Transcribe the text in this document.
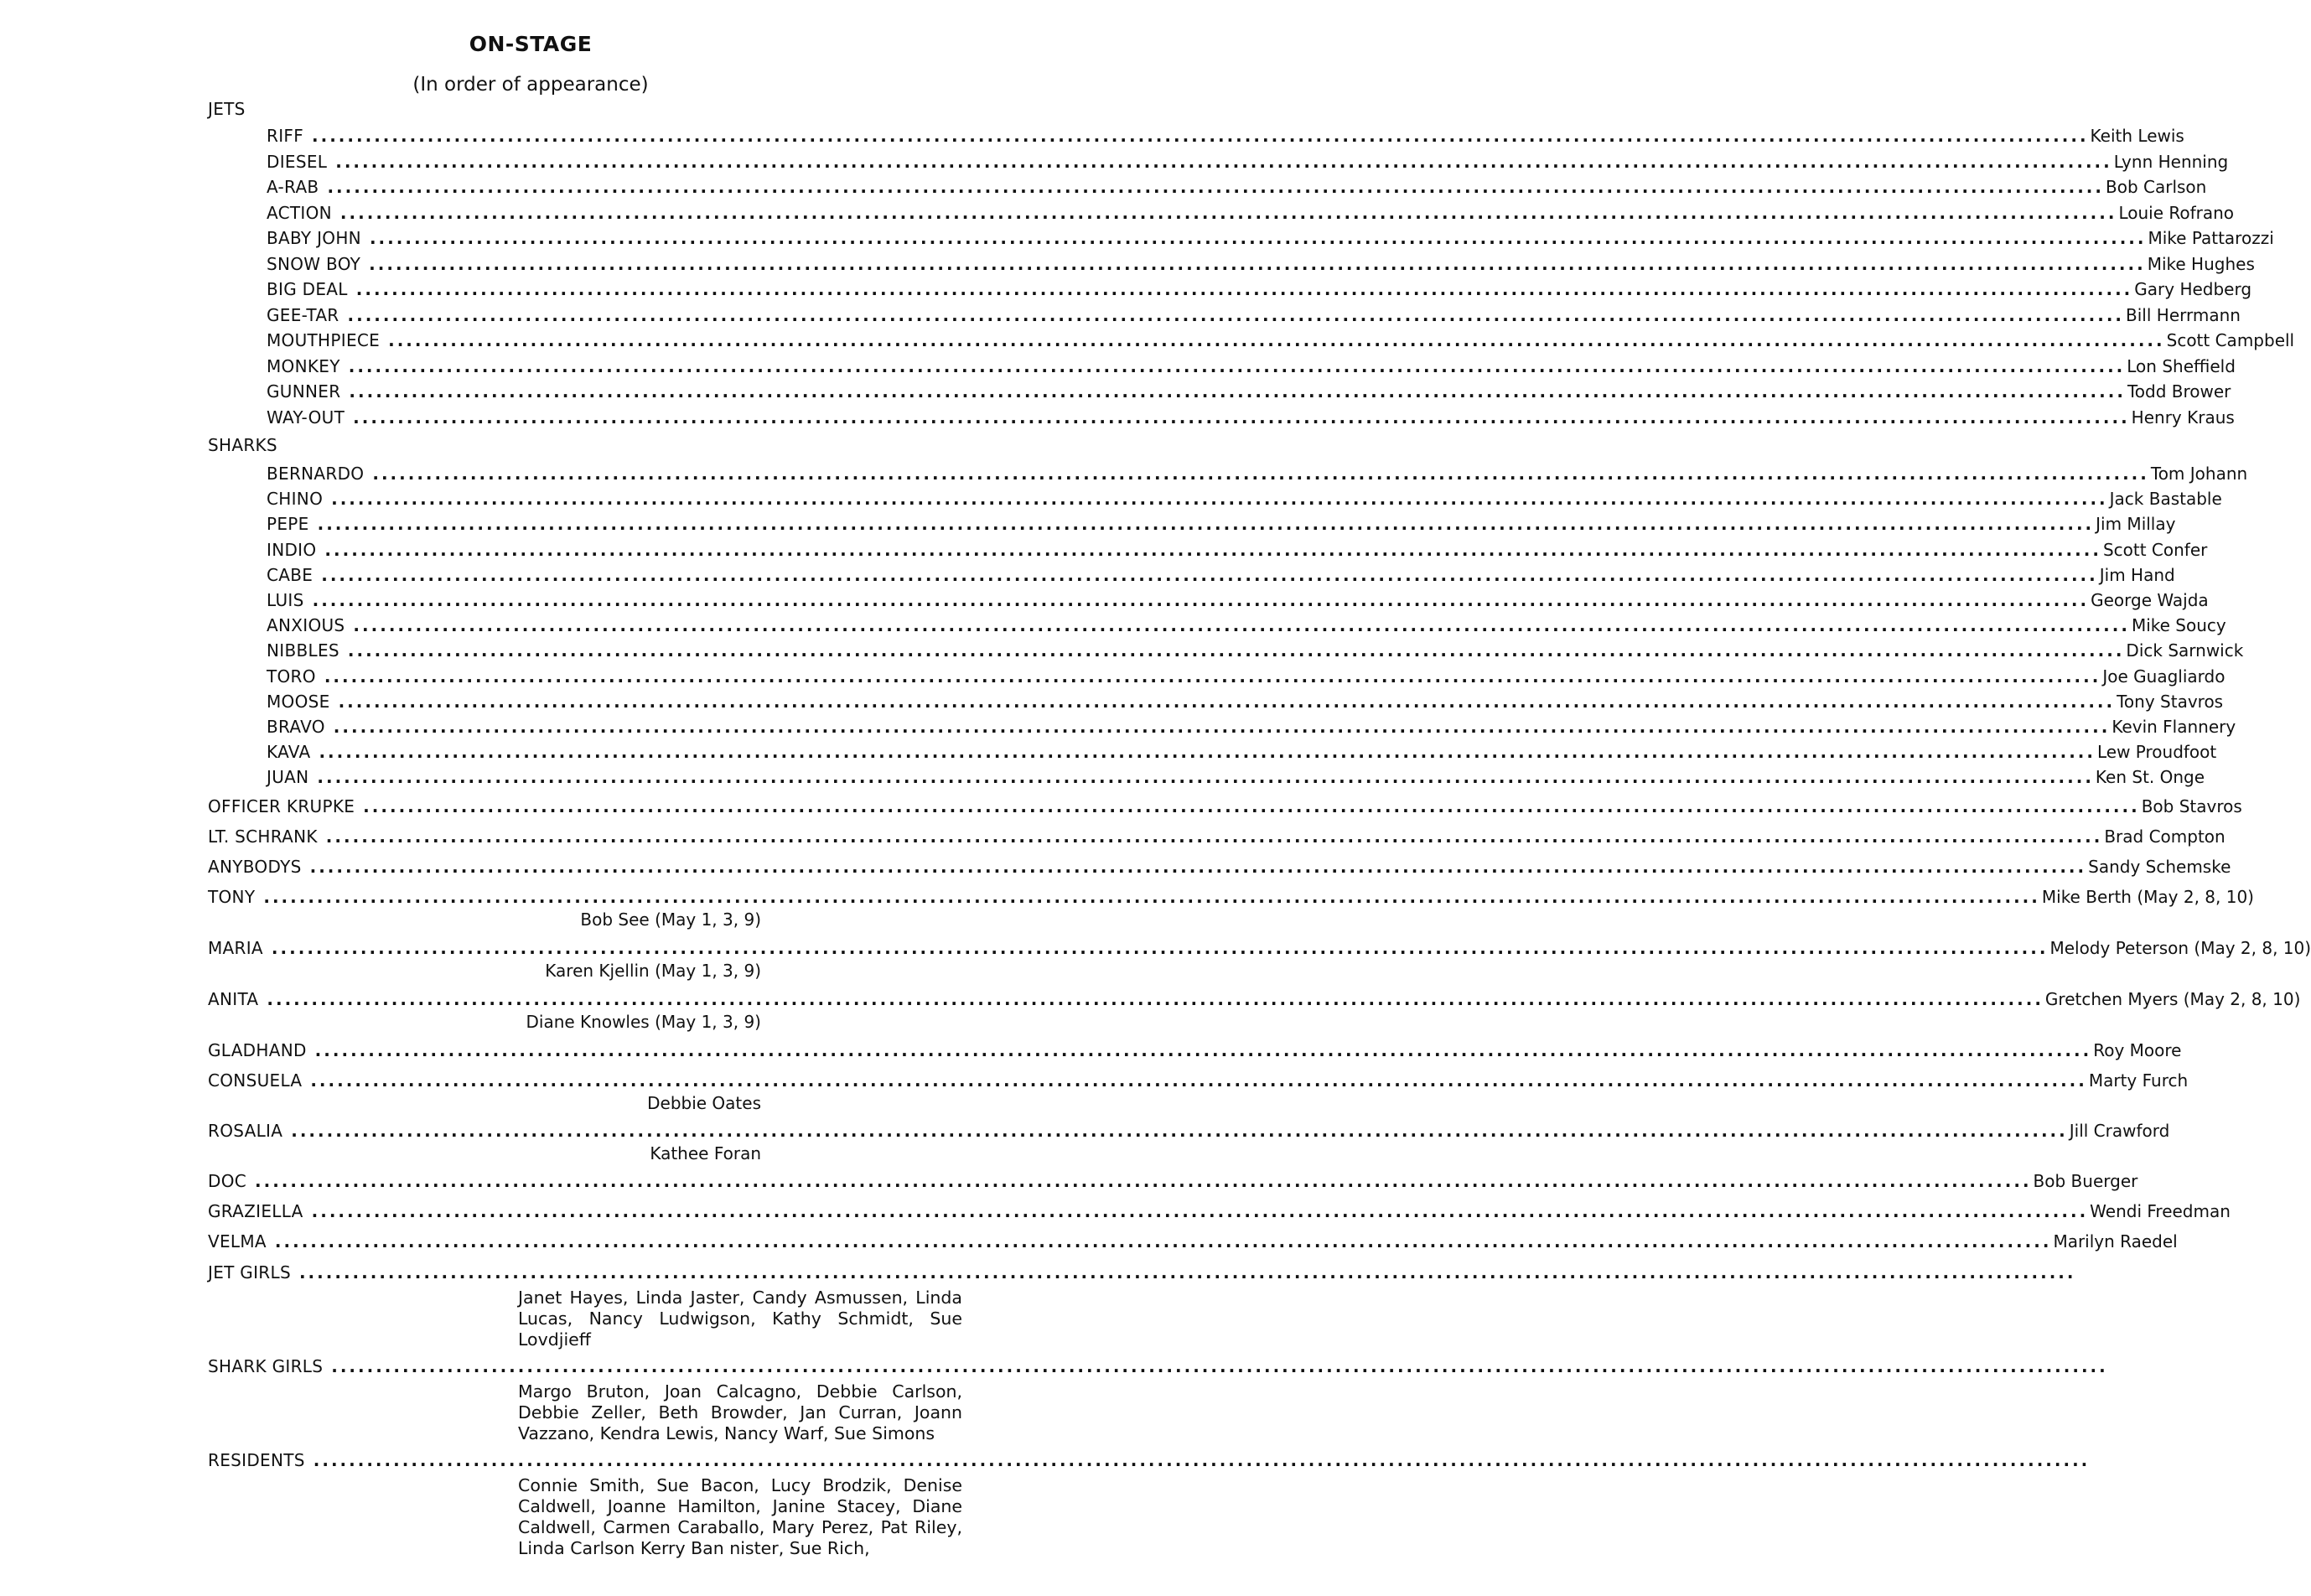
ON-STAGE
(In order of appearance)
JETS
RIFF ........................................................................................................................................................................................................ Keith Lewis
DIESEL ........................................................................................................................................................................................................ Lynn Henning
A-RAB ........................................................................................................................................................................................................ Bob Carlson
ACTION ........................................................................................................................................................................................................ Louie Rofrano
BABY JOHN ........................................................................................................................................................................................................ Mike Pattarozzi
SNOW BOY ........................................................................................................................................................................................................ Mike Hughes
BIG DEAL ........................................................................................................................................................................................................ Gary Hedberg
GEE-TAR ........................................................................................................................................................................................................ Bill Herrmann
MOUTHPIECE ........................................................................................................................................................................................................ Scott Campbell
MONKEY ........................................................................................................................................................................................................ Lon Sheffield
GUNNER ........................................................................................................................................................................................................ Todd Brower
WAY-OUT ........................................................................................................................................................................................................ Henry Kraus
SHARKS
BERNARDO ........................................................................................................................................................................................................ Tom Johann
CHINO ........................................................................................................................................................................................................ Jack Bastable
PEPE ........................................................................................................................................................................................................ Jim Millay
INDIO ........................................................................................................................................................................................................ Scott Confer
CABE ........................................................................................................................................................................................................ Jim Hand
LUIS ........................................................................................................................................................................................................ George Wajda
ANXIOUS ........................................................................................................................................................................................................ Mike Soucy
NIBBLES ........................................................................................................................................................................................................ Dick Sarnwick
TORO ........................................................................................................................................................................................................ Joe Guagliardo
MOOSE ........................................................................................................................................................................................................ Tony Stavros
BRAVO ........................................................................................................................................................................................................ Kevin Flannery
KAVA ........................................................................................................................................................................................................ Lew Proudfoot
JUAN ........................................................................................................................................................................................................ Ken St. Onge
OFFICER KRUPKE ........................................................................................................................................................................................................ Bob Stavros
LT. SCHRANK ........................................................................................................................................................................................................ Brad Compton
ANYBODYS ........................................................................................................................................................................................................ Sandy Schemske
TONY ........................................................................................................................................................................................................ Mike Berth (May 2, 8, 10)
Bob See (May 1, 3, 9)
MARIA ........................................................................................................................................................................................................ Melody Peterson (May 2, 8, 10)
Karen Kjellin (May 1, 3, 9)
ANITA ........................................................................................................................................................................................................ Gretchen Myers (May 2, 8, 10)
Diane Knowles (May 1, 3, 9)
GLADHAND ........................................................................................................................................................................................................ Roy Moore
CONSUELA ........................................................................................................................................................................................................ Marty Furch
Debbie Oates
ROSALIA ........................................................................................................................................................................................................ Jill Crawford
Kathee Foran
DOC ........................................................................................................................................................................................................ Bob Buerger
GRAZIELLA ........................................................................................................................................................................................................ Wendi Freedman
VELMA ........................................................................................................................................................................................................ Marilyn Raedel
JET GIRLS ........................................................................................................................................................................................................
Janet Hayes, Linda Jaster, Candy Asmussen, Linda Lucas, Nancy Ludwigson, Kathy Schmidt, Sue Lovdjieff
SHARK GIRLS ........................................................................................................................................................................................................
Margo Bruton, Joan Calcagno, Debbie Carlson, Debbie Zeller, Beth Browder, Jan Curran, Joann Vazzano, Kendra Lewis, Nancy Warf, Sue Simons
RESIDENTS ........................................................................................................................................................................................................
Connie Smith, Sue Bacon, Lucy Brodzik, Denise Caldwell, Joanne Hamilton, Janine Stacey, Diane Caldwell, Carmen Caraballo, Mary Perez, Pat Riley, Linda Carlson Kerry Ban nister, Sue Rich,
